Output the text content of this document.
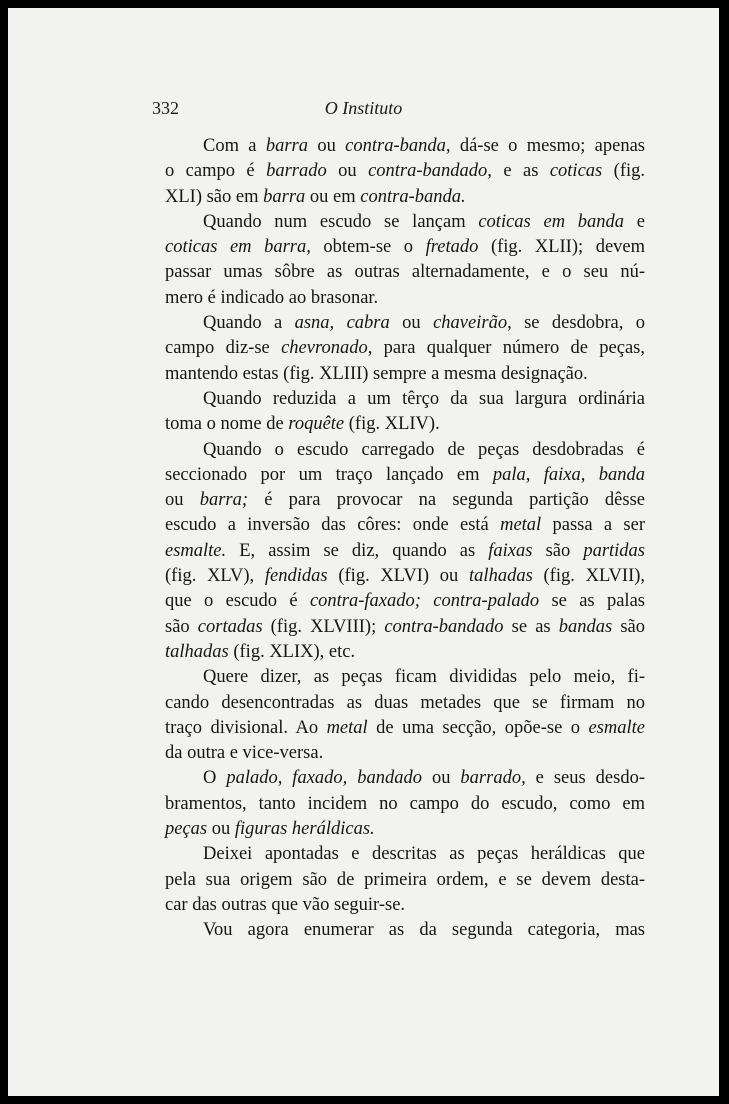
332	O Instituto
Com a barra ou contra-banda, dá-se o mesmo; apenas
o campo é barrado ou contra-bandado, e as coticas (fig.
XLI) são em barra ou em contra-banda.
Quando num escudo se lançam coticas em banda e
coticas em barra, obtem-se o fretado (fig. XLII); devem
passar umas sôbre as outras alternadamente, e o seu nú-
mero é indicado ao brasonar.
Quando a asna, cabra ou chaveirão, se desdobra, o
campo diz-se chevronado, para qualquer número de peças,
mantendo estas (fig. XLIII) sempre a mesma designação.
Quando reduzida a um têrço da sua largura ordinária
toma o nome de roquête (fig. XLIV).
Quando o escudo carregado de peças desdobradas é
seccionado por um traço lançado em pala, faixa, banda
ou barra; é para provocar na segunda partição dêsse
escudo a inversão das côres: onde está metal passa a ser
esmalte. E, assim se diz, quando as faixas são partidas
(fig. XLV), fendidas (fig. XLVI) ou talhadas (fig. XLVII),
que o escudo é contra-faxado; contra-palado se as palas
são cortadas (fig. XLVIII); contra-bandado se as bandas são
talhadas (fig. XLIX), etc.
Quere dizer, as peças ficam divididas pelo meio, fi-
cando desencontradas as duas metades que se firmam no
traço divisional. Ao metal de uma secção, opõe-se o esmalte
da outra e vice-versa.
O palado, faxado, bandado ou barrado, e seus desdo-
bramentos, tanto incidem no campo do escudo, como em
peças ou figuras heráldicas.
Deixei apontadas e descritas as peças heráldicas que
pela sua origem são de primeira ordem, e se devem desta-
car das outras que vão seguir-se.
Vou agora enumerar as da segunda categoria, mas
